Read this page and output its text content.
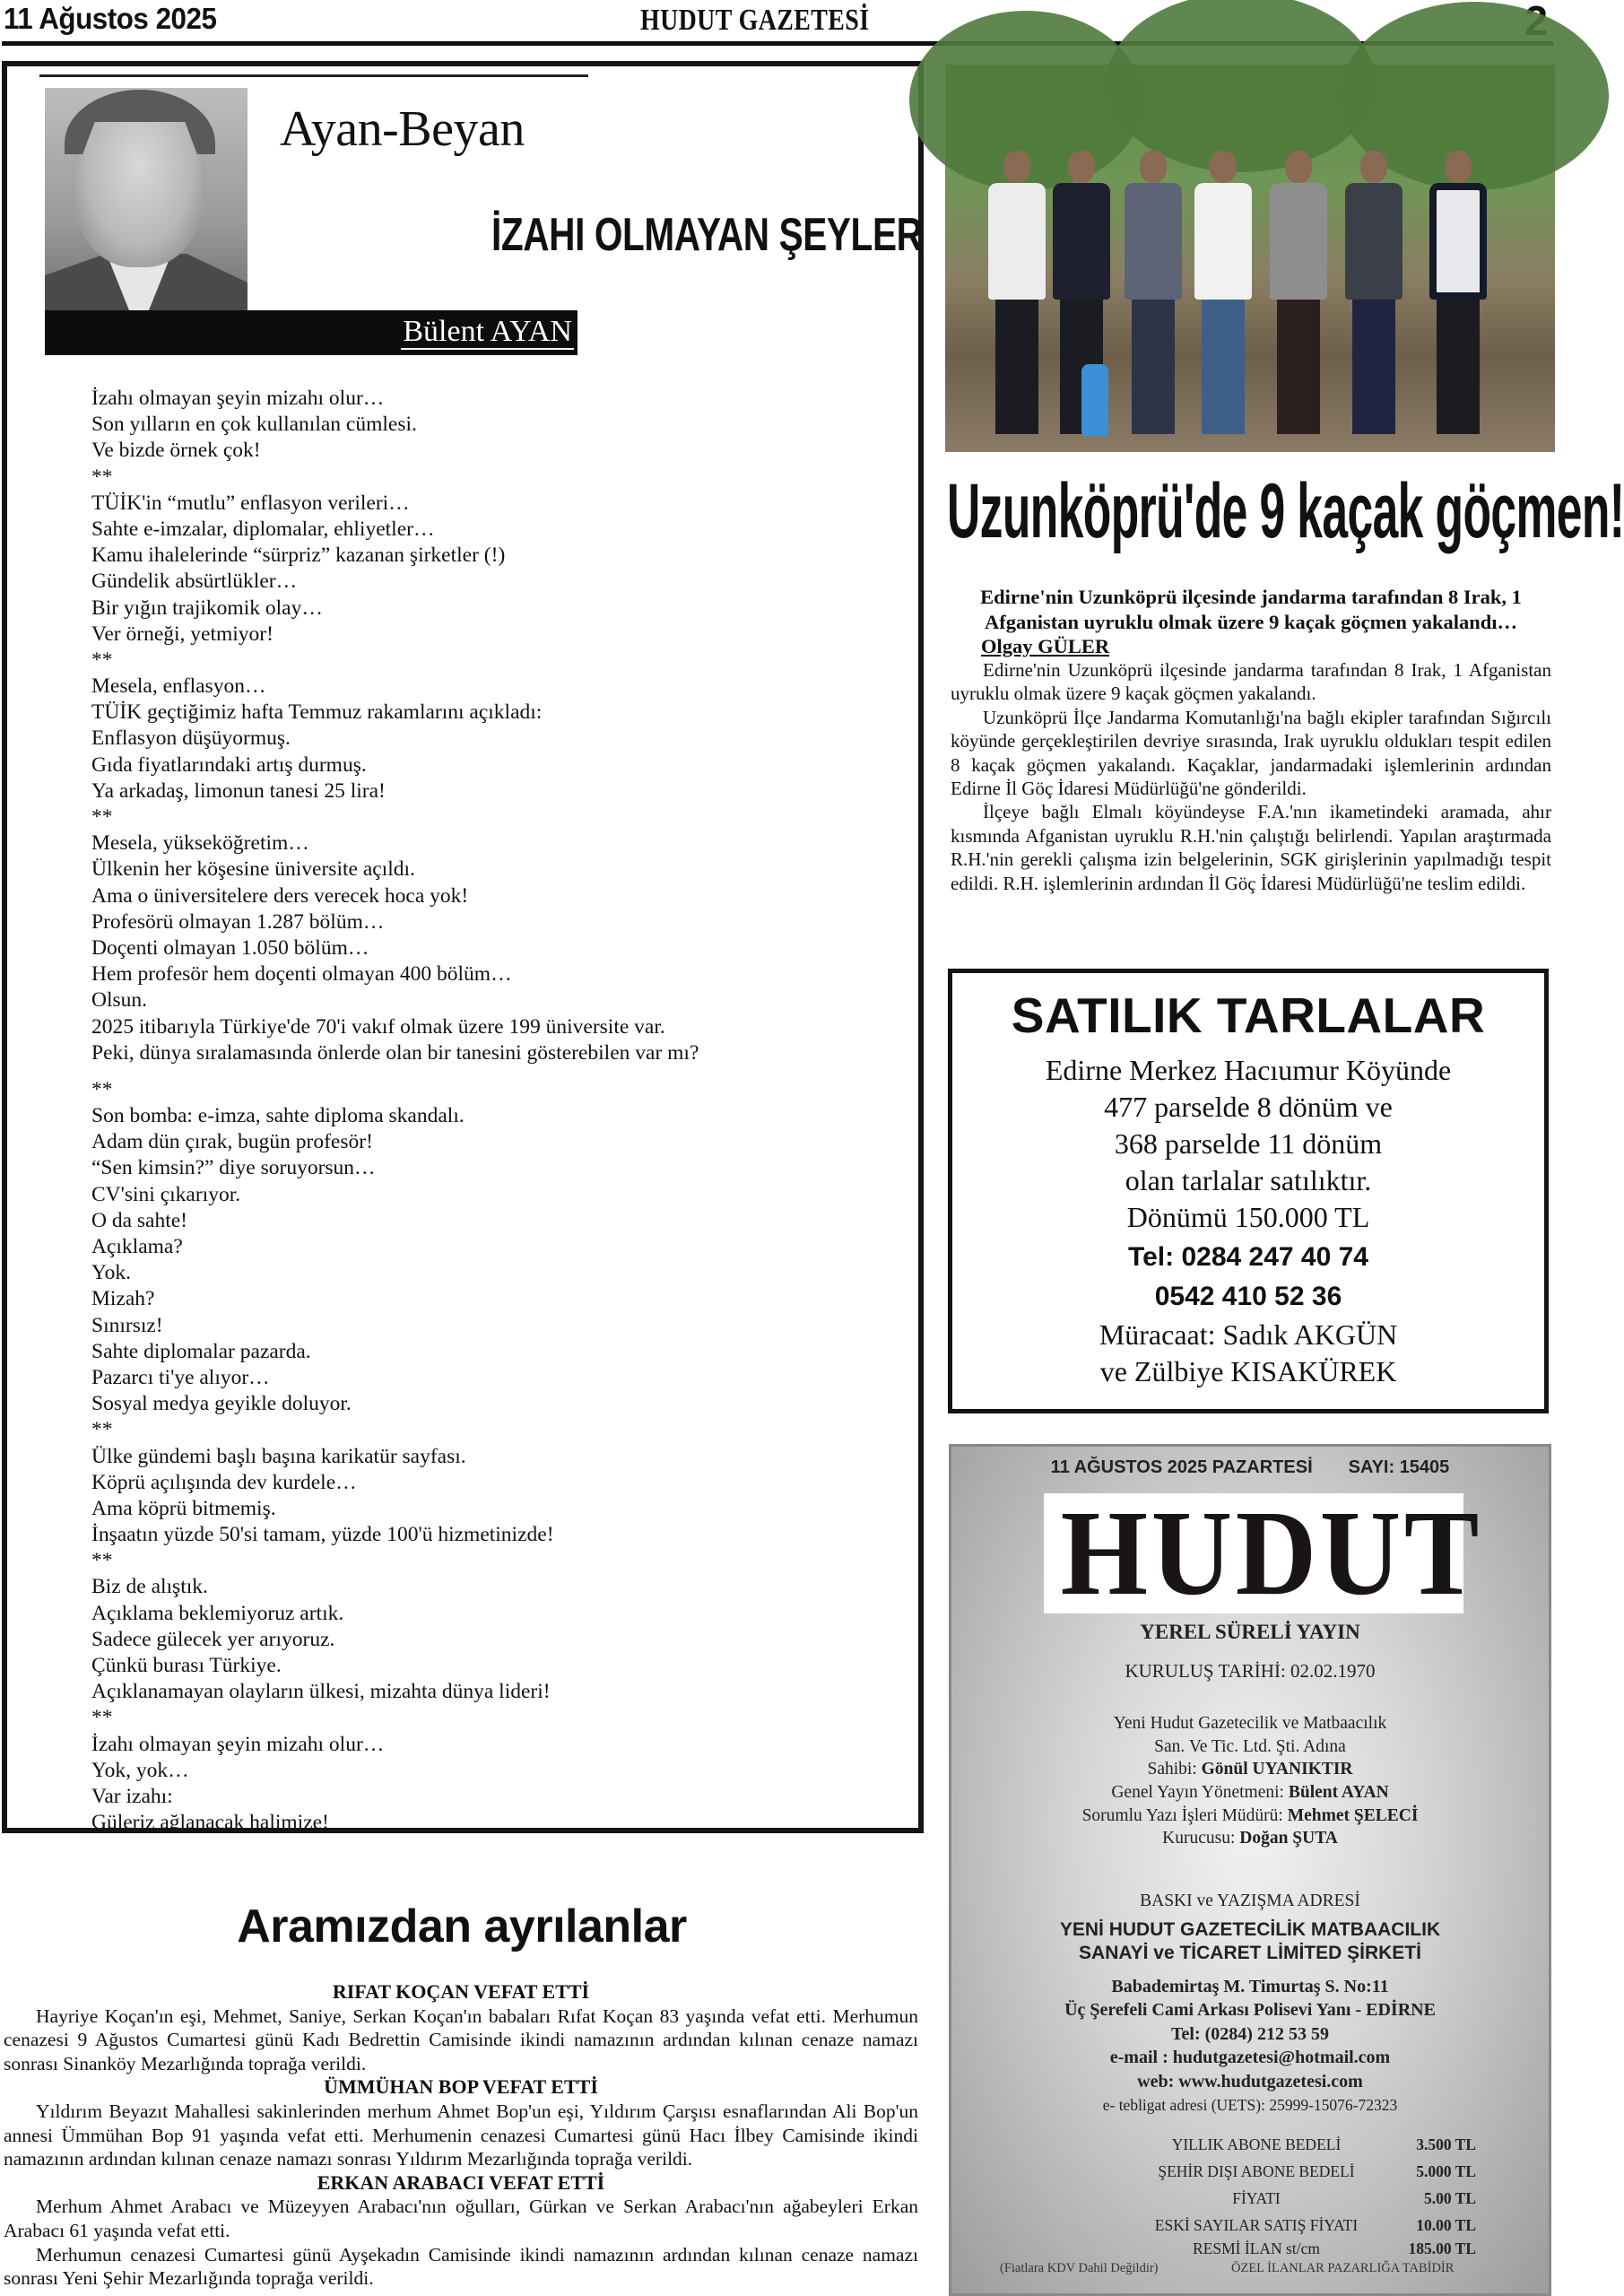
11 Ağustos 2025	HUDUT GAZETESİ
Bülent AYAN
Ayan-Beyan
İZAHI OLMAYAN ŞEYLER
İzahı olmayan şeyin mizahı olur…
Son yılların en çok kullanılan cümlesi.
Ve bizde örnek çok!
**
TÜİK'in “mutlu” enflasyon verileri…
Sahte e-imzalar, diplomalar, ehliyetler…
Kamu ihalelerinde “sürpriz” kazanan şirketler (!)
Gündelik absürtlükler…
Bir yığın trajikomik olay…
Ver örneği, yetmiyor!
**
Mesela, enflasyon…
TÜİK geçtiğimiz hafta Temmuz rakamlarını açıkladı:
Enflasyon düşüyormuş.
Gıda fiyatlarındaki artış durmuş.
Ya arkadaş, limonun tanesi 25 lira!
**
Mesela, yükseköğretim…
Ülkenin her köşesine üniversite açıldı.
Ama o üniversitelere ders verecek hoca yok!
Profesörü olmayan 1.287 bölüm…
Doçenti olmayan 1.050 bölüm…
Hem profesör hem doçenti olmayan 400 bölüm…
Olsun.
2025 itibarıyla Türkiye'de 70'i vakıf olmak üzere 199 üniversite var.
Peki, dünya sıralamasında önlerde olan bir tanesini gösterebilen var mı?
**
Son bomba: e-imza, sahte diploma skandalı.
Adam dün çırak, bugün profesör!
“Sen kimsin?” diye soruyorsun…
CV'sini çıkarıyor.
O da sahte!
Açıklama?
Yok.
Mizah?
Sınırsız!
Sahte diplomalar pazarda.
Pazarcı ti'ye alıyor…
Sosyal medya geyikle doluyor.
**
Ülke gündemi başlı başına karikatür sayfası.
Köprü açılışında dev kurdele…
Ama köprü bitmemiş.
İnşaatın yüzde 50'si tamam, yüzde 100'ü hizmetinizde!
**
Biz de alıştık.
Açıklama beklemiyoruz artık.
Sadece gülecek yer arıyoruz.
Çünkü burası Türkiye.
Açıklanamayan olayların ülkesi, mizahta dünya lideri!
**
İzahı olmayan şeyin mizahı olur…
Yok, yok…
Var izahı:
Güleriz ağlanacak halimize!
Aramızdan ayrılanlar
RIFAT KOÇAN VEFAT ETTİ

Hayriye Koçan'ın eşi, Mehmet, Saniye, Serkan Koçan'ın babaları Rıfat Koçan 83 yaşında vefat etti. Merhumun cenazesi 9 Ağustos Cumartesi günü Kadı Bedrettin Camisinde ikindi namazının ardından kılınan cenaze namazı sonrası Sinanköy Mezarlığında toprağa verildi.

ÜMMÜHAN BOP VEFAT ETTİ

Yıldırım Beyazıt Mahallesi sakinlerinden merhum Ahmet Bop'un eşi, Yıldırım Çarşısı esnaflarından Ali Bop'un annesi Ümmühan Bop 91 yaşında vefat etti. Merhumenin cenazesi Cumartesi günü Hacı İlbey Camisinde ikindi namazının ardından kılınan cenaze namazı sonrası Yıldırım Mezarlığında toprağa verildi.

ERKAN ARABACI VEFAT ETTİ

Merhum Ahmet Arabacı ve Müzeyyen Arabacı'nın oğulları, Gürkan ve Serkan Arabacı'nın ağabeyleri Erkan Arabacı 61 yaşında vefat etti.

Merhumun cenazesi Cumartesi günü Ayşekadın Camisinde ikindi namazının ardından kılınan cenaze namazı sonrası Yeni Şehir Mezarlığında toprağa verildi.

Uzunköprü'de 9 kaçak göçmen!
Edirne'nin Uzunköprü ilçesinde jandarma tarafından 8 Irak, 1 Afganistan uyruklu olmak üzere 9 kaçak göçmen yakalandı…
Olgay GÜLER

Edirne'nin Uzunköprü ilçesinde jandarma tarafından 8 Irak, 1 Afganistan uyruklu olmak üzere 9 kaçak göçmen yakalandı.

Uzunköprü İlçe Jandarma Komutanlığı'na bağlı ekipler tarafından Sığırcılı köyünde gerçekleştirilen devriye sırasında, Irak uyruklu oldukları tespit edilen 8 kaçak göçmen yakalandı. Kaçaklar, jandarmadaki işlemlerinin ardından Edirne İl Göç İdaresi Müdürlüğü'ne gönderildi.

İlçeye bağlı Elmalı köyündeyse F.A.'nın ikametindeki aramada, ahır kısmında Afganistan uyruklu R.H.'nin çalıştığı belirlendi. Yapılan araştırmada R.H.'nin gerekli çalışma izin belgelerinin, SGK girişlerinin yapılmadığı tespit edildi. R.H. işlemlerinin ardından İl Göç İdaresi Müdürlüğü'ne teslim edildi.

SATILIK TARLALAR
Edirne Merkez Hacıumur Köyünde
477 parselde 8 dönüm ve
368 parselde 11 dönüm
olan tarlalar satılıktır.
Dönümü 150.000 TL
Tel: 0284 247 40 74
0542 410 52 36
Müracaat: Sadık AKGÜN
ve Zülbiye KISAKÜREK
11 AĞUSTOS 2025 PAZARTESİ SAYI: 15405
HUDUT
YEREL SÜRELİ YAYIN
KURULUŞ TARİHİ: 02.02.1970
Yeni Hudut Gazetecilik ve Matbaacılık
San. Ve Tic. Ltd. Şti. Adına
Sahibi: Gönül UYANIKTIR
Genel Yayın Yönetmeni: Bülent AYAN
Sorumlu Yazı İşleri Müdürü: Mehmet ŞELECİ
Kurucusu: Doğan ŞUTA
BASKI ve YAZIŞMA ADRESİ
YENİ HUDUT GAZETECİLİK MATBAACILIK
SANAYİ ve TİCARET LİMİTED ŞİRKETİ
Babademirtaş M. Timurtaş S. No:11
Üç Şerefeli Cami Arkası Polisevi Yanı - EDİRNE
Tel: (0284) 212 53 59
e-mail : hudutgazetesi@hotmail.com
web: www.hudutgazetesi.com
e- tebligat adresi (UETS): 25999-15076-72323
YILLIK ABONE BEDELİ	3.500 TL
ŞEHİR DIŞI ABONE BEDELİ	5.000 TL
FİYATI	5.00 TL
ESKİ SAYILAR SATIŞ FİYATI	10.00 TL
RESMİ İLAN st/cm	185.00 TL
(Fiatlara KDV Dahil Değildir)	ÖZEL İLANLAR PAZARLIĞA TABİDİR
